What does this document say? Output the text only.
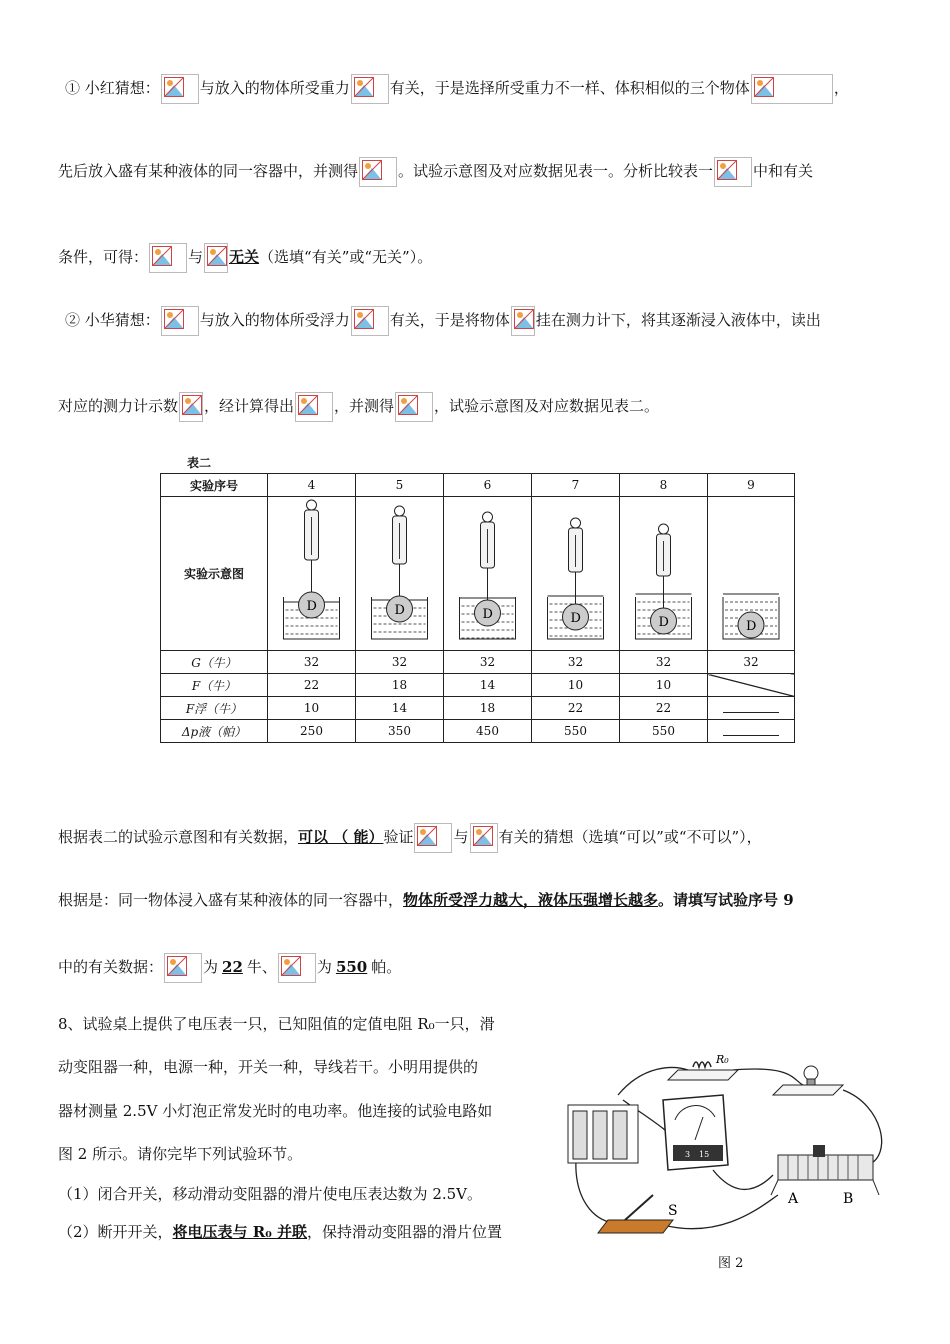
① 小红猜想：	与放入的物体所受重力	有关，于是选择所受重力不一样、体积相似的三个物体	，
先后放入盛有某种液体的同一容器中，并测得	。试验示意图及对应数据见表一。分析比较表一	中和有关
条件，可得：	与 无关（选填“有关”或“无关”）。
② 小华猜想：	与放入的物体所受浮力	有关，于是将物体 挂在测力计下，将其逐渐浸入液体中，读出
对应的测力计示数 ，经计算得出	，并测得	，试验示意图及对应数据见表二。
表二
实验序号	4	5	6	7	8	9
实验示意图	D	D	D	D	D	D

G（牛）	32	32	32	32	32	32
F（牛）	22	18	14	10	10	
F浮（牛）	10	14	18	22	22	
Δp液（帕）	250	350	450	550	550	
根据表二的试验示意图和有关数据，可以 （ 能）验证	与 有关的猜想（选填“可以”或“不可以”），
根据是：同一物体浸入盛有某种液体的同一容器中，物体所受浮力越大，液体压强增长越多。请填写试验序号 9
中的有关数据：	为 22 牛、	为 550 帕。
8、试验桌上提供了电压表一只，已知阻值的定值电阻 R₀一只，滑
动变阻器一种，电源一种，开关一种，导线若干。小明用提供的
器材测量 2.5V 小灯泡正常发光时的电功率。他连接的试验电路如
图 2 所示。请你完毕下列试验环节。
（1）闭合开关，移动滑动变阻器的滑片使电压表达数为 2.5V。
（2）断开开关，将电压表与 R₀ 并联，保持滑动变阻器的滑片位置
R₀
3 15
A	B
S
图 2
